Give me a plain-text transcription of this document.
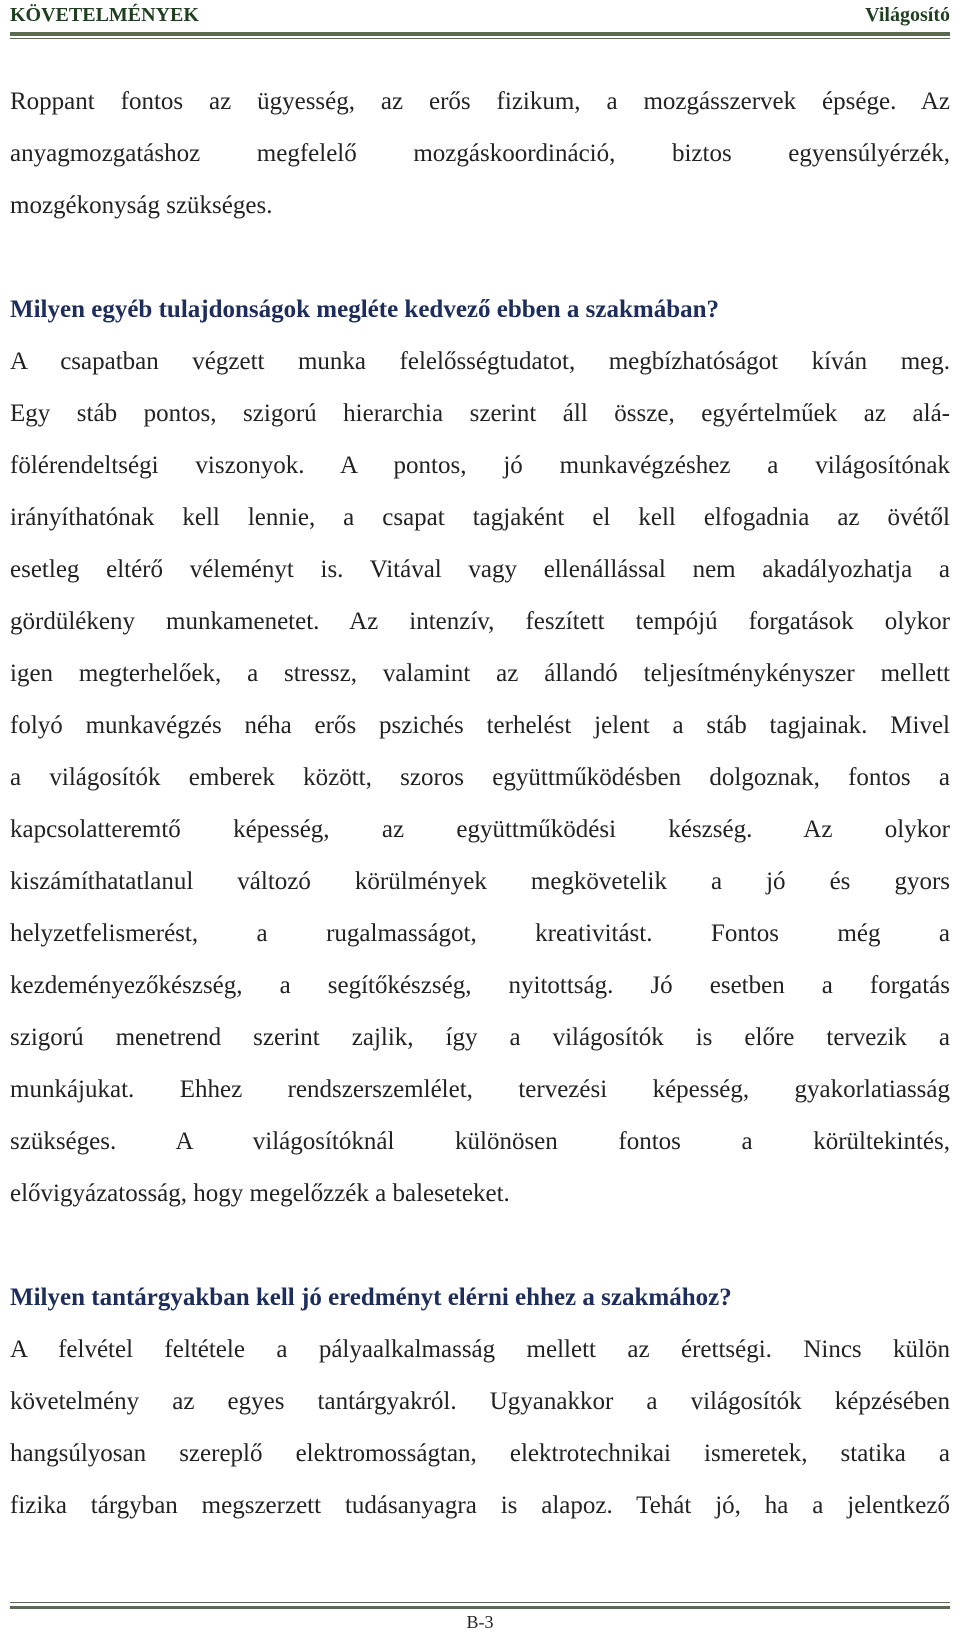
KÖVETELMÉNYEK	Világosító

Roppant fontos az ügyesség, az erős fizikum, a mozgásszervek épsége. Az

anyagmozgatáshoz megfelelő mozgáskoordináció, biztos egyensúlyérzék,

mozgékonyság szükséges.

Milyen egyéb tulajdonságok megléte kedvező ebben a szakmában?

A csapatban végzett munka felelősségtudatot, megbízhatóságot kíván meg.

Egy stáb pontos, szigorú hierarchia szerint áll össze, egyértelműek az alá-

fölérendeltségi viszonyok. A pontos, jó munkavégzéshez a világosítónak

irányíthatónak kell lennie, a csapat tagjaként el kell elfogadnia az övétől

esetleg eltérő véleményt is. Vitával vagy ellenállással nem akadályozhatja a

gördülékeny munkamenetet. Az intenzív, feszített tempójú forgatások olykor

igen megterhelőek, a stressz, valamint az állandó teljesítménykényszer mellett

folyó munkavégzés néha erős pszichés terhelést jelent a stáb tagjainak. Mivel

a világosítók emberek között, szoros együttműködésben dolgoznak, fontos a

kapcsolatteremtő képesség, az együttműködési készség. Az olykor

kiszámíthatatlanul változó körülmények megkövetelik a jó és gyors

helyzetfelismerést, a rugalmasságot, kreativitást. Fontos még a

kezdeményezőkészség, a segítőkészség, nyitottság. Jó esetben a forgatás

szigorú menetrend szerint zajlik, így a világosítók is előre tervezik a

munkájukat. Ehhez rendszerszemlélet, tervezési képesség, gyakorlatiasság

szükséges. A világosítóknál különösen fontos a körültekintés,

elővigyázatosság, hogy megelőzzék a baleseteket.

Milyen tantárgyakban kell jó eredményt elérni ehhez a szakmához?

A felvétel feltétele a pályaalkalmasság mellett az érettségi. Nincs külön

követelmény az egyes tantárgyakról. Ugyanakkor a világosítók képzésében

hangsúlyosan szereplő elektromosságtan, elektrotechnikai ismeretek, statika a

fizika tárgyban megszerzett tudásanyagra is alapoz. Tehát jó, ha a jelentkező

B-3
